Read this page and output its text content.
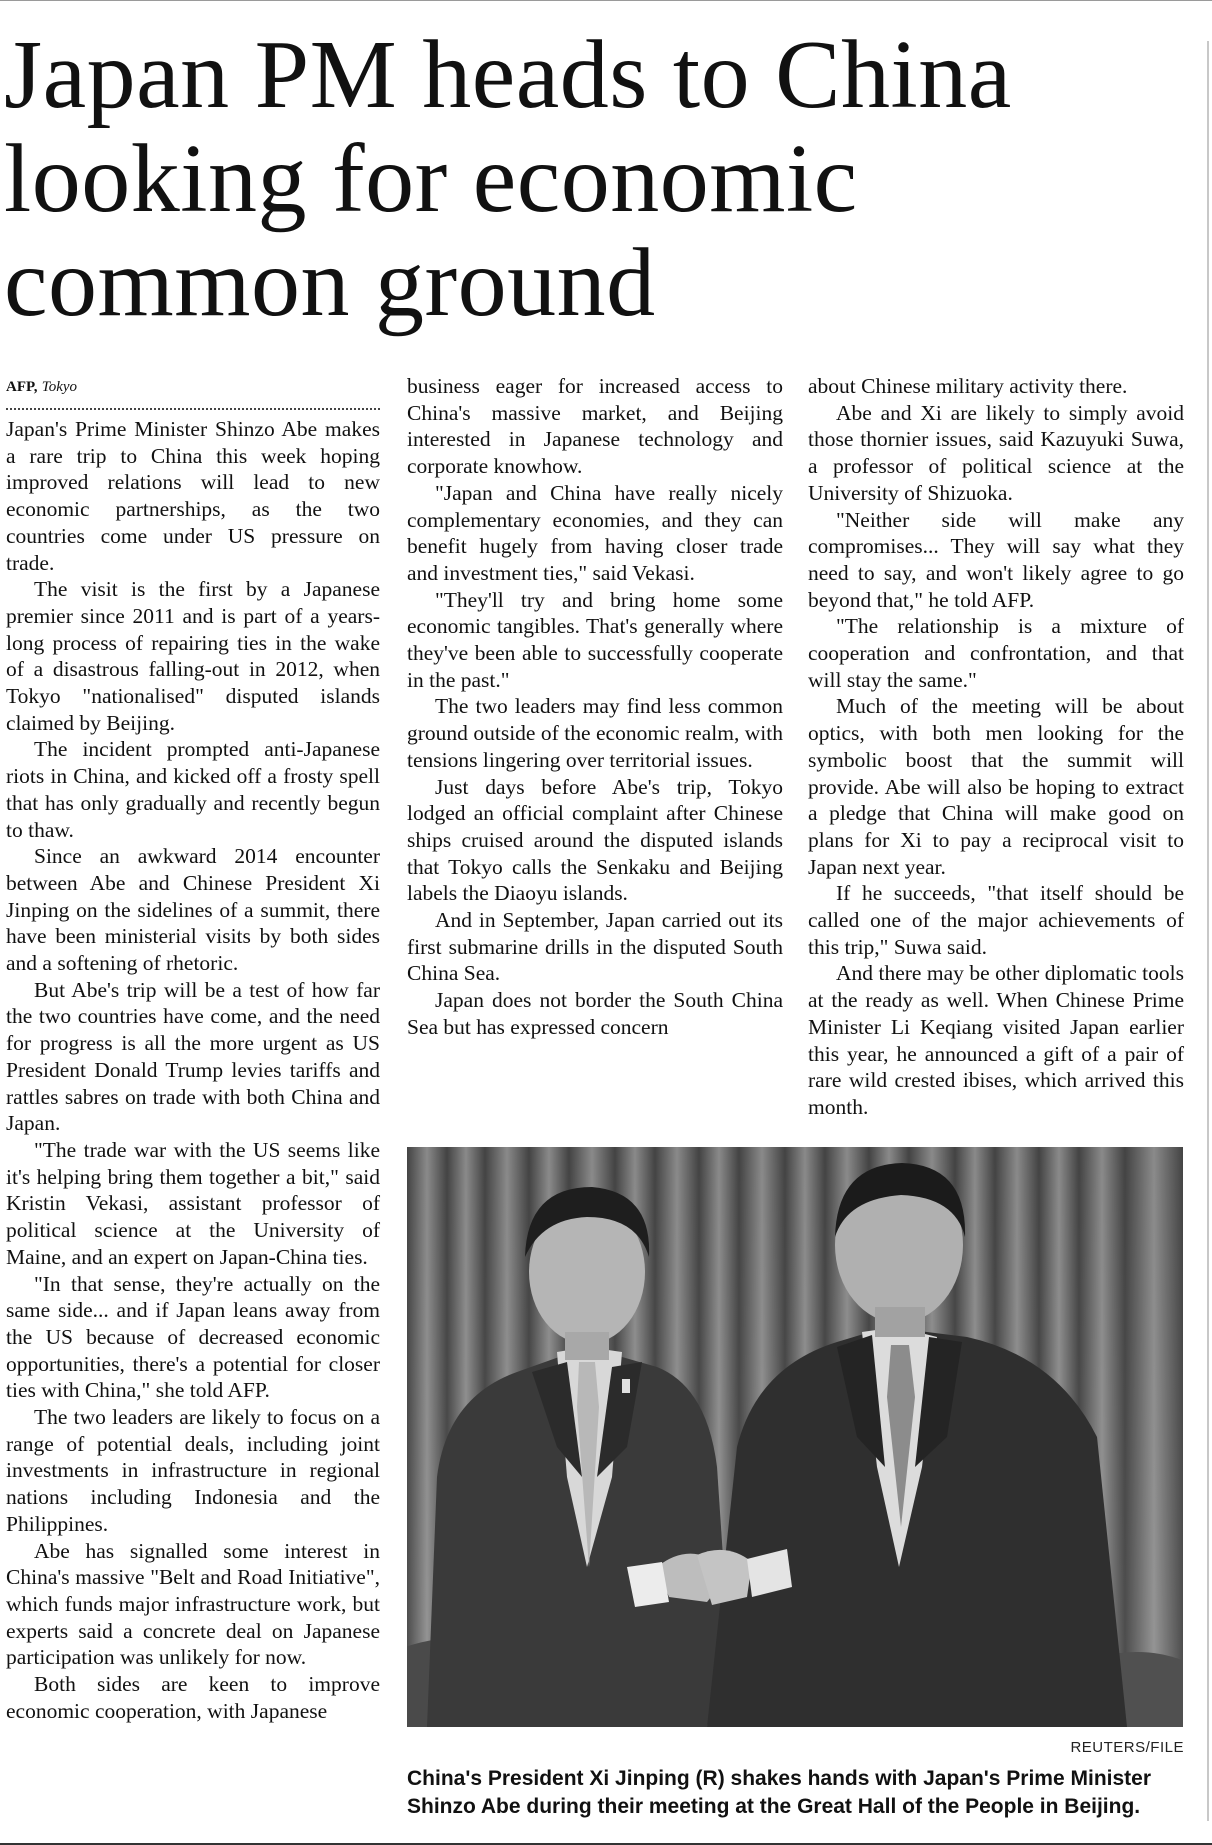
Japan PM heads to China looking for economic common ground
AFP, Tokyo

Japan's Prime Minister Shinzo Abe makes a rare trip to China this week hoping improved relations will lead to new economic partnerships, as the two countries come under US pressure on trade.

The visit is the first by a Japanese premier since 2011 and is part of a years-long process of repairing ties in the wake of a disastrous falling-out in 2012, when Tokyo "nationalised" disputed islands claimed by Beijing.

The incident prompted anti-Japanese riots in China, and kicked off a frosty spell that has only gradually and recently begun to thaw.

Since an awkward 2014 encounter between Abe and Chinese President Xi Jinping on the sidelines of a summit, there have been ministerial visits by both sides and a softening of rhetoric.

But Abe's trip will be a test of how far the two countries have come, and the need for progress is all the more urgent as US President Donald Trump levies tariffs and rattles sabres on trade with both China and Japan.

"The trade war with the US seems like it's helping bring them together a bit," said Kristin Vekasi, assistant professor of political science at the University of Maine, and an expert on Japan-China ties.

"In that sense, they're actually on the same side... and if Japan leans away from the US because of decreased economic opportunities, there's a potential for closer ties with China," she told AFP.

The two leaders are likely to focus on a range of potential deals, including joint investments in infrastructure in regional nations including Indonesia and the Philippines.

Abe has signalled some interest in China's massive "Belt and Road Initiative", which funds major infrastructure work, but experts said a concrete deal on Japanese participation was unlikely for now.

Both sides are keen to improve economic cooperation, with Japanese

business eager for increased access to China's massive market, and Beijing interested in Japanese technology and corporate knowhow.

"Japan and China have really nicely complementary economies, and they can benefit hugely from having closer trade and investment ties," said Vekasi.

"They'll try and bring home some economic tangibles. That's generally where they've been able to successfully cooperate in the past."

The two leaders may find less common ground outside of the economic realm, with tensions lingering over territorial issues.

Just days before Abe's trip, Tokyo lodged an official complaint after Chinese ships cruised around the disputed islands that Tokyo calls the Senkaku and Beijing labels the Diaoyu islands.

And in September, Japan carried out its first submarine drills in the disputed South China Sea.

Japan does not border the South China Sea but has expressed concern

about Chinese military activity there.

Abe and Xi are likely to simply avoid those thornier issues, said Kazuyuki Suwa, a professor of political science at the University of Shizuoka.

"Neither side will make any compromises... They will say what they need to say, and won't likely agree to go beyond that," he told AFP.

"The relationship is a mixture of cooperation and confrontation, and that will stay the same."

Much of the meeting will be about optics, with both men looking for the symbolic boost that the summit will provide. Abe will also be hoping to extract a pledge that China will make good on plans for Xi to pay a reciprocal visit to Japan next year.

If he succeeds, "that itself should be called one of the major achievements of this trip," Suwa said.

And there may be other diplomatic tools at the ready as well. When Chinese Prime Minister Li Keqiang visited Japan earlier this year, he announced a gift of a pair of rare wild crested ibises, which arrived this month.

REUTERS/FILE
China's President Xi Jinping (R) shakes hands with Japan's Prime Minister Shinzo Abe during their meeting at the Great Hall of the People in Beijing.
